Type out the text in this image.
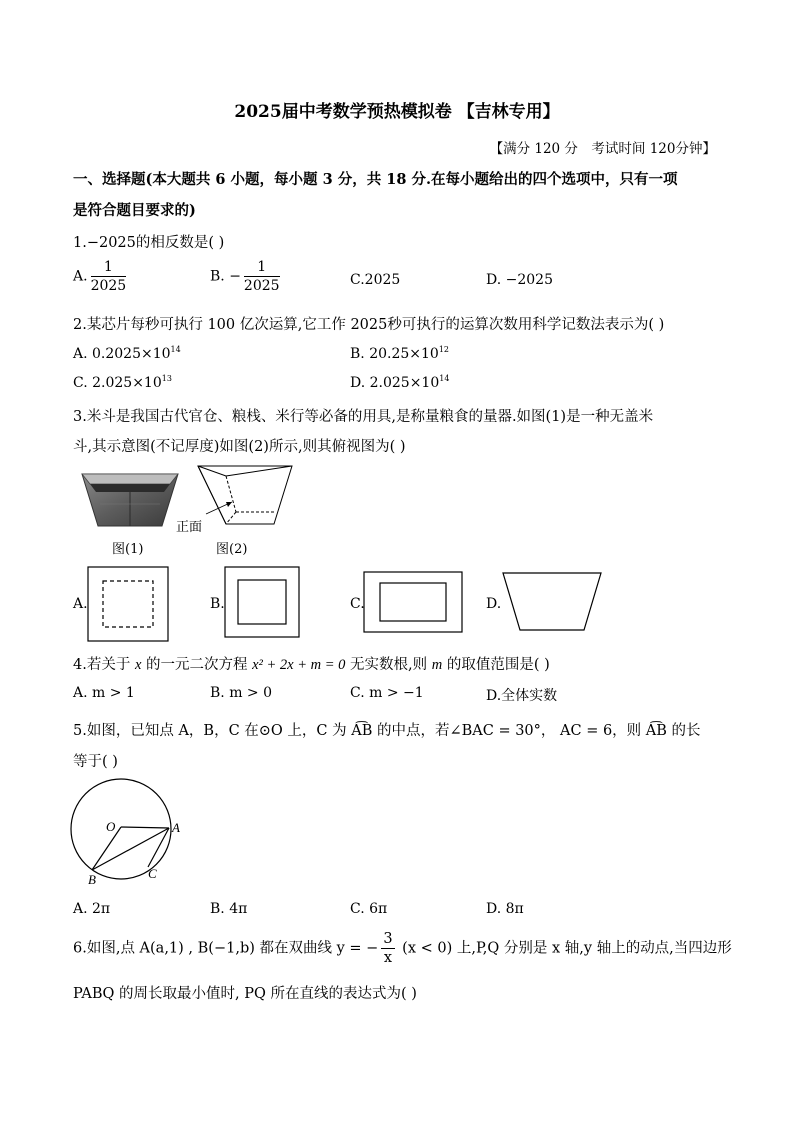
2025届中考数学预热模拟卷 【吉林专用】
【满分 120 分　考试时间 120分钟】
一、选择题(本大题共 6 小题，每小题 3 分，共 18 分.在每小题给出的四个选项中，只有一项
是符合题目要求的)
1.−2025的相反数是( )
A. $\frac{1}{2025}$	B. − $\frac{1}{2025}$	C.2025	D. −2025
2.某芯片每秒可执行 100 亿次运算,它工作 2025秒可执行的运算次数用科学记数法表示为( )
A. $0.2025\times 10^{14}$	B. $20.25\times 10^{12}$
C. $2.025\times 10^{13}$	D. $2.025\times 10^{14}$
3.米斗是我国古代官仓、粮栈、米行等必备的用具,是称量粮食的量器.如图(1)是一种无盖米
斗,其示意图(不记厚度)如图(2)所示,则其俯视图为( )
图(1)
正面
图(2)
A.	B.	C.	D.
4.若关于 x 的一元二次方程 x² + 2x + m = 0 无实数根,则 m 的取值范围是( )
A. m > 1	B. m > 0	C. m > −1	D.全体实数
5.如图，已知点 A，B，C 在⊙O 上，C 为 A͡B 的中点，若∠BAC = 30°， AC = 6，则 A͡B 的长
等于( )
O	A
B	C
A. 2π	B. 4π	C. 6π	D. 8π
6.如图,点 A(a,1) , B(−1,b) 都在双曲线 y = − $\frac{3}{x} (x < 0)$ 上,P,Q 分别是 x 轴,y 轴上的动点,当四边形
PABQ 的周长取最小值时, PQ 所在直线的表达式为( )
